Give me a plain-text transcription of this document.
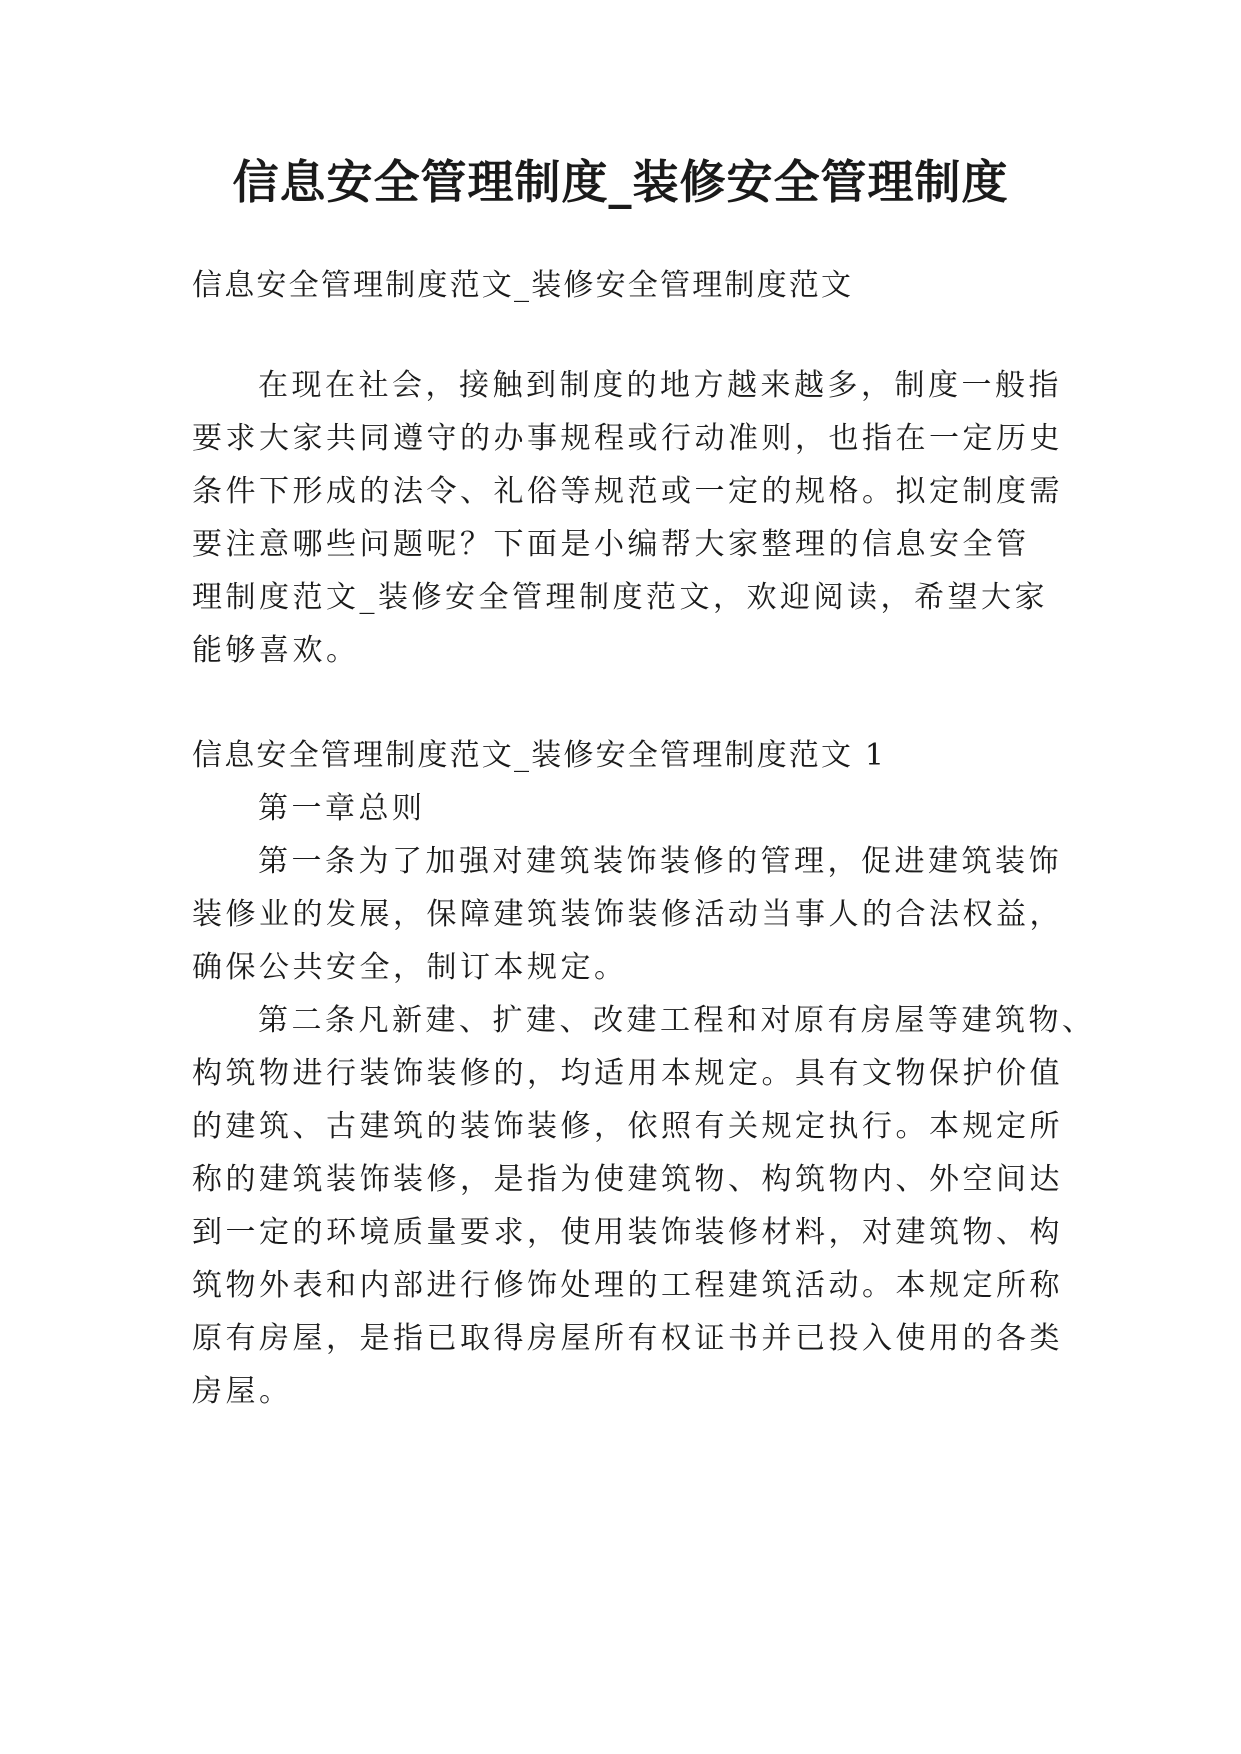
信息安全管理制度_装修安全管理制度

信息安全管理制度范文_装修安全管理制度范文

在现在社会，接触到制度的地方越来越多，制度一般指

要求大家共同遵守的办事规程或行动准则，也指在一定历史

条件下形成的法令、礼俗等规范或一定的规格。拟定制度需

要注意哪些问题呢？下面是小编帮大家整理的信息安全管

理制度范文_装修安全管理制度范文，欢迎阅读，希望大家

能够喜欢。

信息安全管理制度范文_装修安全管理制度范文 1

第一章总则

第一条为了加强对建筑装饰装修的管理，促进建筑装饰

装修业的发展，保障建筑装饰装修活动当事人的合法权益，

确保公共安全，制订本规定。

第二条凡新建、扩建、改建工程和对原有房屋等建筑物、

构筑物进行装饰装修的，均适用本规定。具有文物保护价值

的建筑、古建筑的装饰装修，依照有关规定执行。本规定所

称的建筑装饰装修，是指为使建筑物、构筑物内、外空间达

到一定的环境质量要求，使用装饰装修材料，对建筑物、构

筑物外表和内部进行修饰处理的工程建筑活动。本规定所称

原有房屋，是指已取得房屋所有权证书并已投入使用的各类

房屋。
